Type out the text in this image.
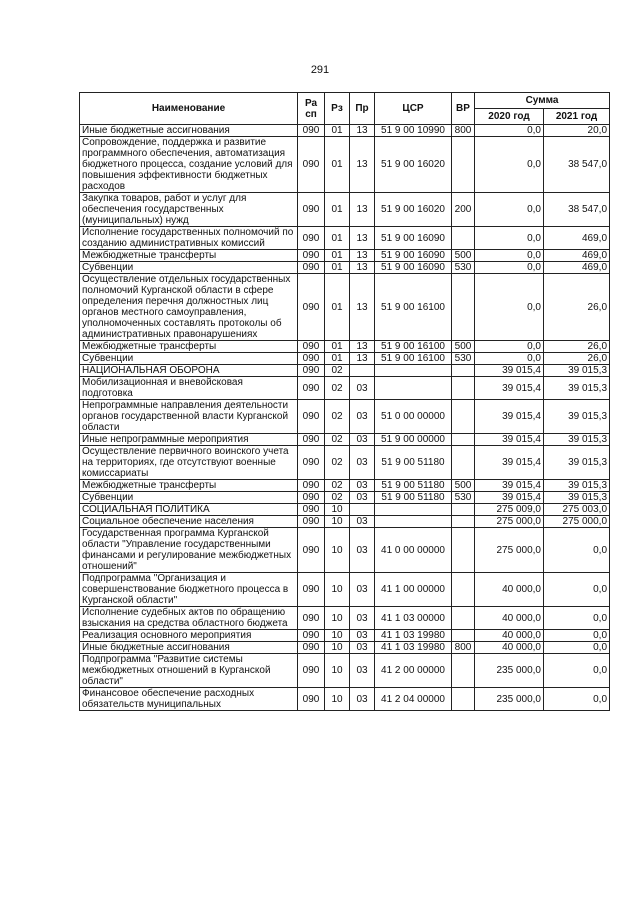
291
Наименование	Ра сп	Рз	Пр	ЦСР	ВР	Сумма	
						2020 год	2021 год
Иные бюджетные ассигнования	090	01	13	51 9 00 10990	800	0,0	20,0
Сопровождение, поддержка и развитие программного обеспечения, автоматизация бюджетного процесса, создание условий для повышения эффективности бюджетных расходов	090	01	13	51 9 00 16020		0,0	38 547,0
Закупка товаров, работ и услуг для обеспечения государственных (муниципальных) нужд	090	01	13	51 9 00 16020	200	0,0	38 547,0
Исполнение государственных полномочий по созданию административных комиссий	090	01	13	51 9 00 16090		0,0	469,0
Межбюджетные трансферты	090	01	13	51 9 00 16090	500	0,0	469,0
Субвенции	090	01	13	51 9 00 16090	530	0,0	469,0
Осуществление отдельных государственных полномочий Курганской области в сфере определения перечня должностных лиц органов местного самоуправления, уполномоченных составлять протоколы об административных правонарушениях	090	01	13	51 9 00 16100		0,0	26,0
Межбюджетные трансферты	090	01	13	51 9 00 16100	500	0,0	26,0
Субвенции	090	01	13	51 9 00 16100	530	0,0	26,0
НАЦИОНАЛЬНАЯ ОБОРОНА	090	02				39 015,4	39 015,3
Мобилизационная и вневойсковая подготовка	090	02	03			39 015,4	39 015,3
Непрограммные направления деятельности органов государственной власти Курганской области	090	02	03	51 0 00 00000		39 015,4	39 015,3
Иные непрограммные мероприятия	090	02	03	51 9 00 00000		39 015,4	39 015,3
Осуществление первичного воинского учета на территориях, где отсутствуют военные комиссариаты	090	02	03	51 9 00 51180		39 015,4	39 015,3
Межбюджетные трансферты	090	02	03	51 9 00 51180	500	39 015,4	39 015,3
Субвенции	090	02	03	51 9 00 51180	530	39 015,4	39 015,3
СОЦИАЛЬНАЯ ПОЛИТИКА	090	10				275 009,0	275 003,0
Социальное обеспечение населения	090	10	03			275 000,0	275 000,0
Государственная программа Курганской области "Управление государственными финансами и регулирование межбюджетных отношений"	090	10	03	41 0 00 00000		275 000,0	0,0
Подпрограмма "Организация и совершенствование бюджетного процесса в Курганской области"	090	10	03	41 1 00 00000		40 000,0	0,0
Исполнение судебных актов по обращению взыскания на средства областного бюджета	090	10	03	41 1 03 00000		40 000,0	0,0
Реализация основного мероприятия	090	10	03	41 1 03 19980		40 000,0	0,0
Иные бюджетные ассигнования	090	10	03	41 1 03 19980	800	40 000,0	0,0
Подпрограмма "Развитие системы межбюджетных отношений в Курганской области"	090	10	03	41 2 00 00000		235 000,0	0,0
Финансовое обеспечение расходных обязательств муниципальных	090	10	03	41 2 04 00000		235 000,0	0,0
